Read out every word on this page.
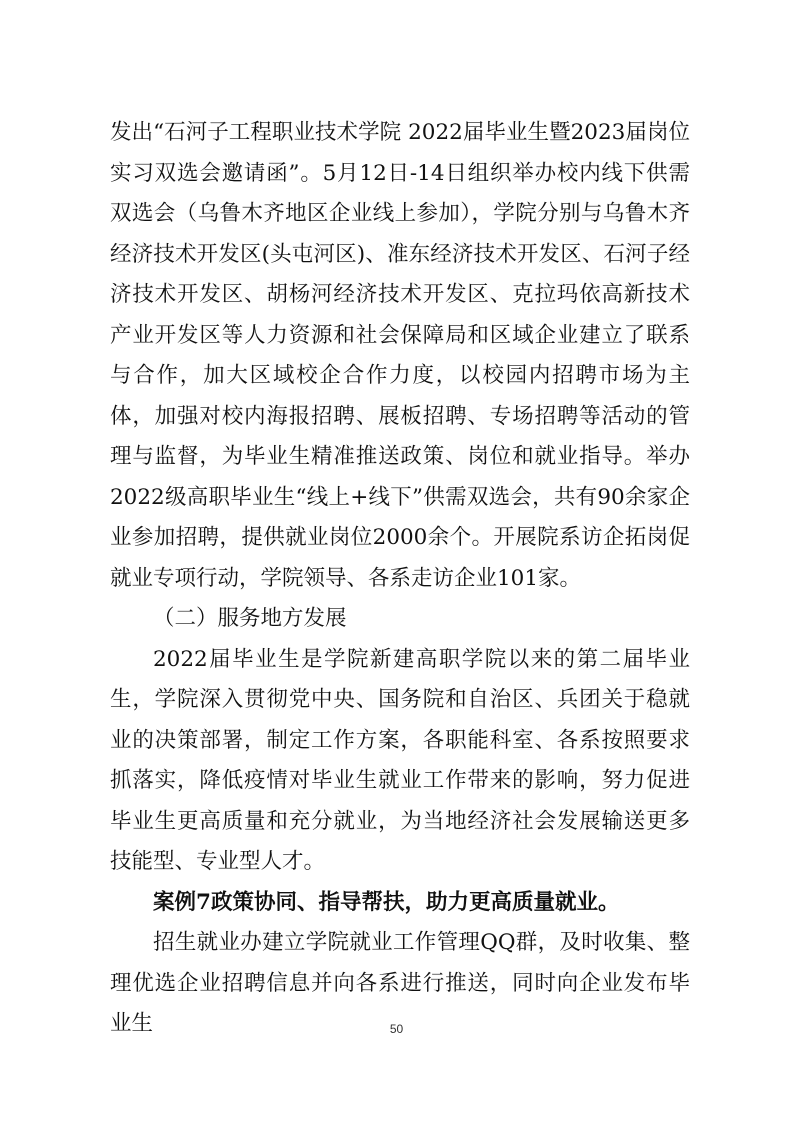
发出“石河子工程职业技术学院 2022届毕业生暨2023届岗位实习双选会邀请函”。5月12日-14日组织举办校内线下供需双选会（乌鲁木齐地区企业线上参加），学院分别与乌鲁木齐经济技术开发区(头屯河区)、准东经济技术开发区、石河子经济技术开发区、胡杨河经济技术开发区、克拉玛依高新技术产业开发区等人力资源和社会保障局和区域企业建立了联系与合作，加大区域校企合作力度，以校园内招聘市场为主体，加强对校内海报招聘、展板招聘、专场招聘等活动的管理与监督，为毕业生精准推送政策、岗位和就业指导。举办2022级高职毕业生“线上+线下”供需双选会，共有90余家企业参加招聘，提供就业岗位2000余个。开展院系访企拓岗促就业专项行动，学院领导、各系走访企业101家。

（二）服务地方发展

2022届毕业生是学院新建高职学院以来的第二届毕业生，学院深入贯彻党中央、国务院和自治区、兵团关于稳就业的决策部署，制定工作方案，各职能科室、各系按照要求抓落实，降低疫情对毕业生就业工作带来的影响，努力促进毕业生更高质量和充分就业，为当地经济社会发展输送更多技能型、专业型人才。

案例7政策协同、指导帮扶，助力更高质量就业。

招生就业办建立学院就业工作管理QQ群，及时收集、整理优选企业招聘信息并向各系进行推送，同时向企业发布毕业生	50
